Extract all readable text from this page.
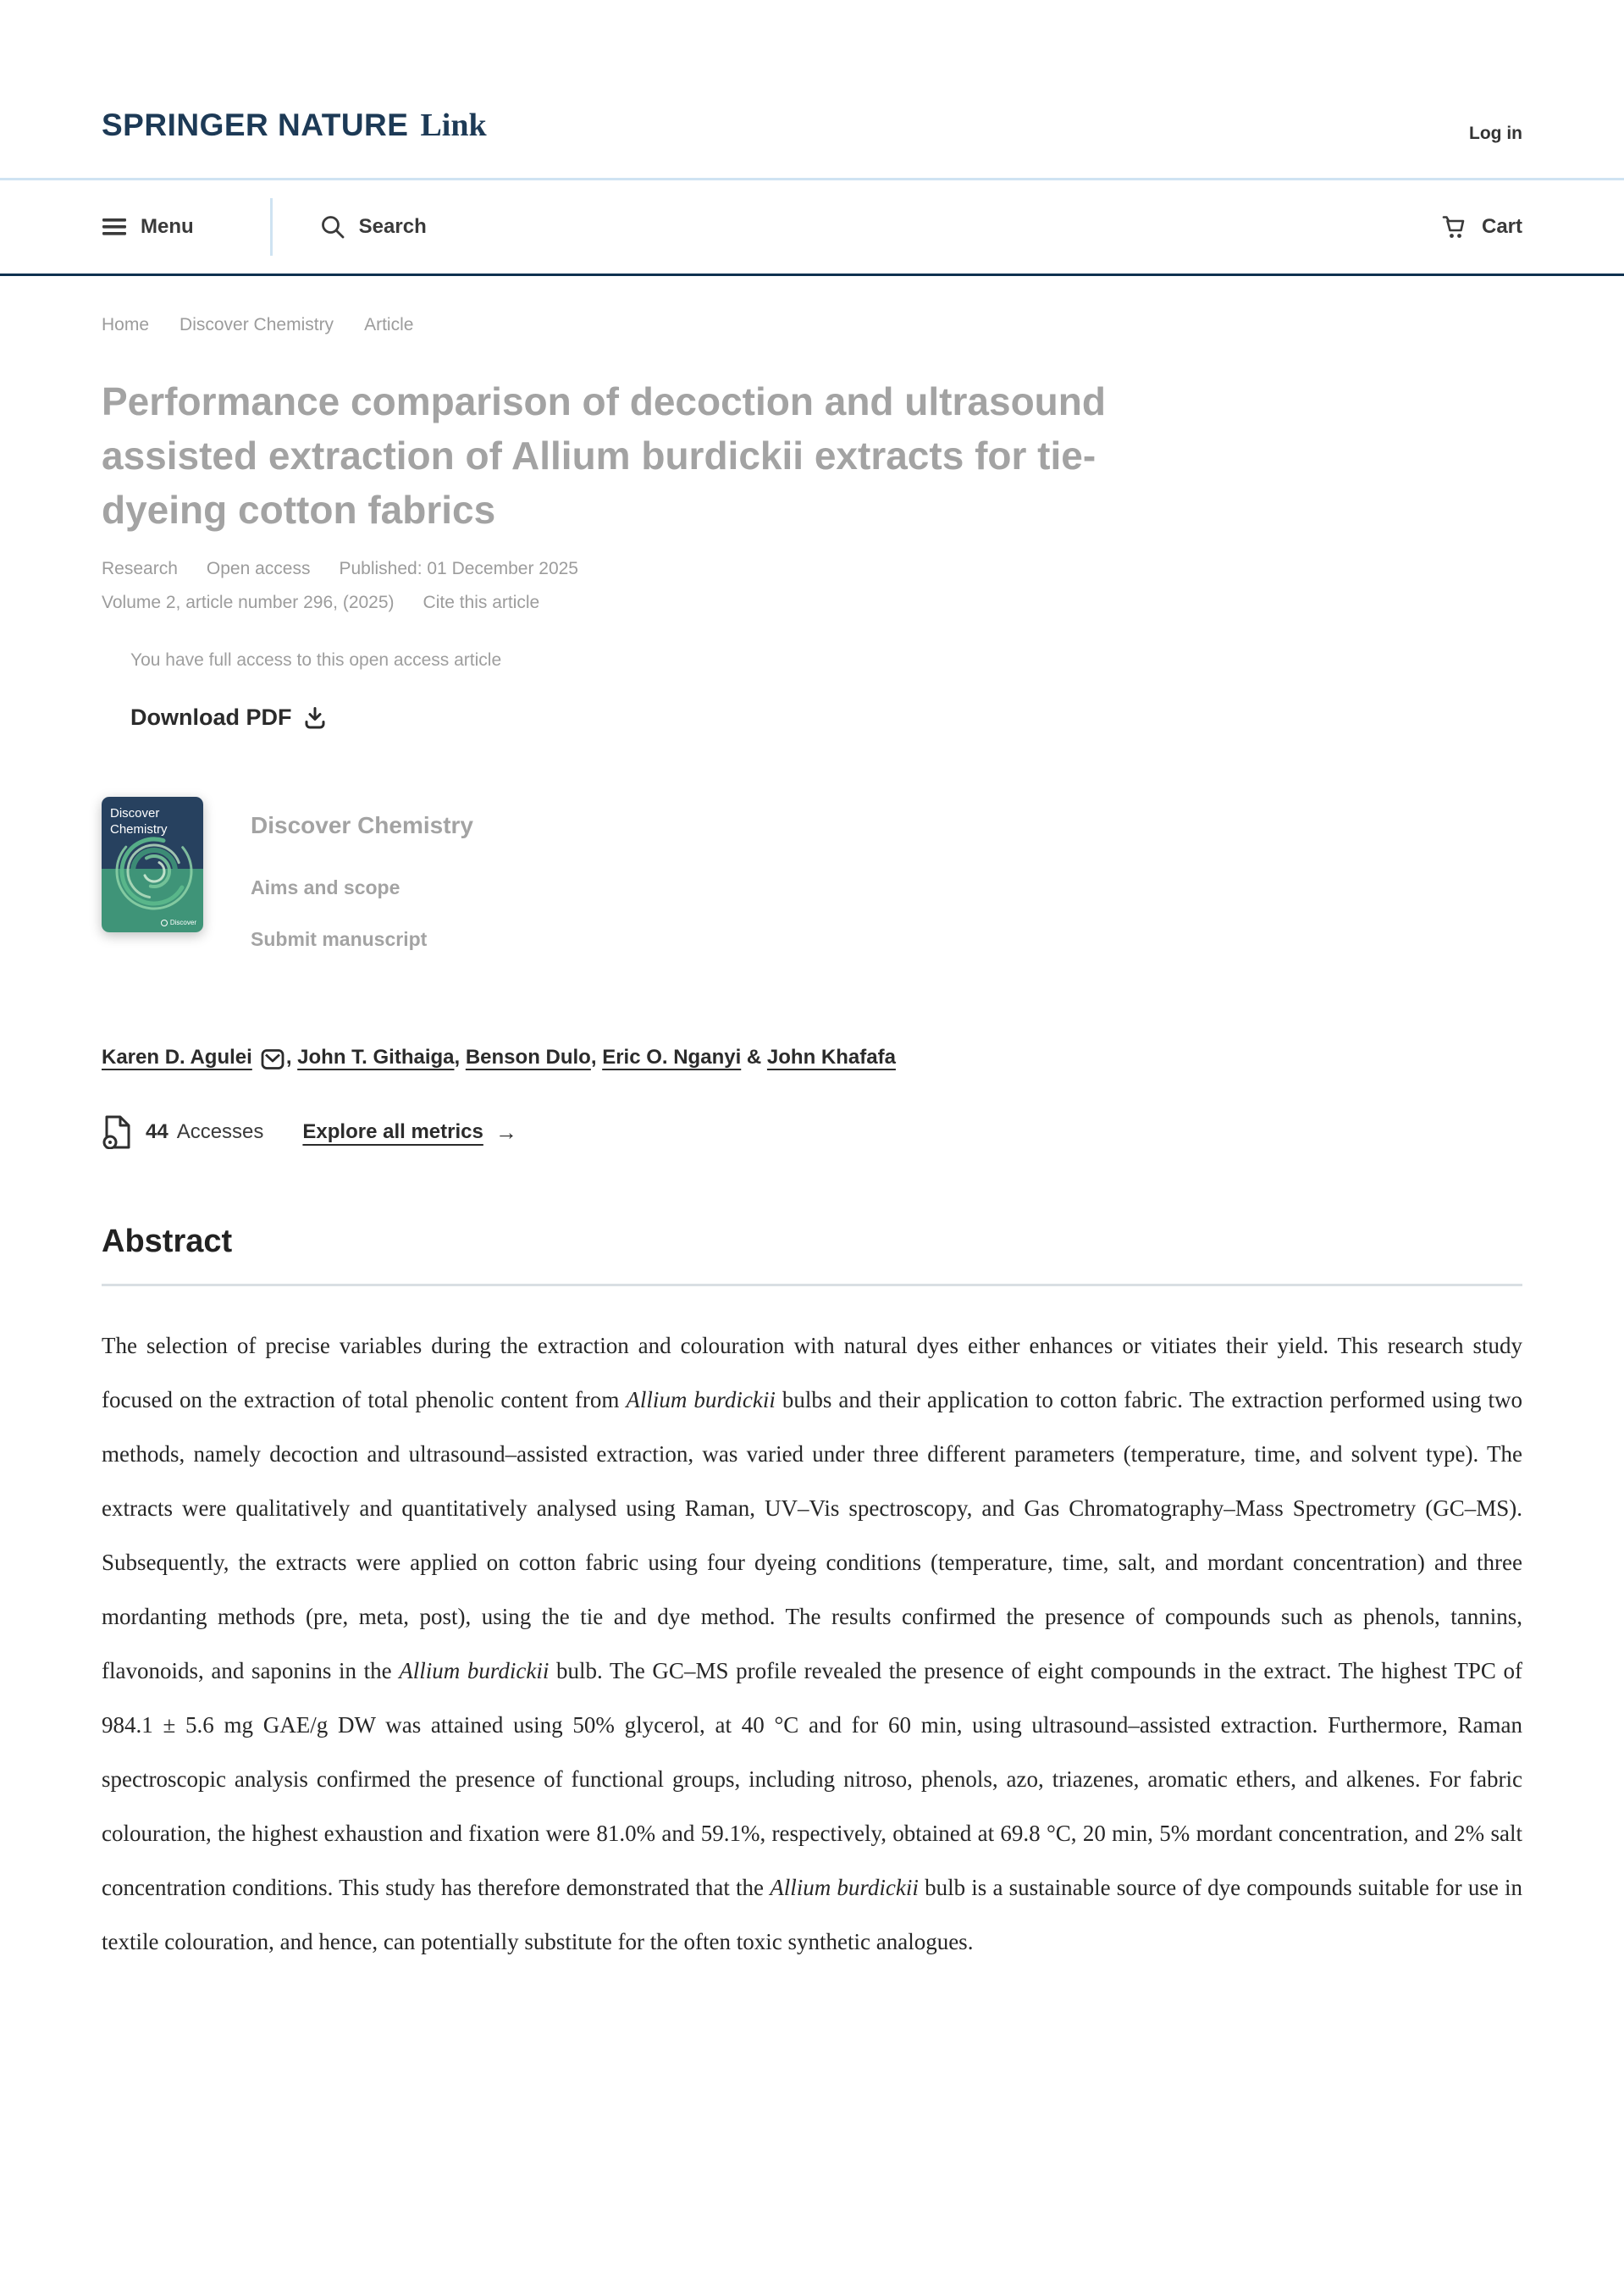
SPRINGER NATURE Link	Log in
Menu	Search	Cart
Home Discover Chemistry Article
Performance comparison of decoction and ultrasound
assisted extraction of Allium burdickii extracts for tie-
dyeing cotton fabrics
Research Open access Published: 01 December 2025
Volume 2, article number 296, (2025) Cite this article

You have full access to this open access article

Download PDF
Discover
Chemistry
Discover
Discover Chemistry
Aims and scope
Submit manuscript

Karen D. Agulei , John T. Githaiga , Benson Dulo , Eric O. Nganyi & John Khafafa

44 Accesses Explore all metrics →
Abstract

The selection of precise variables during the extraction and colouration with natural dyes either enhances or vitiates their yield. This research study focused on the extraction of total phenolic content from Allium burdickii bulbs and their application to cotton fabric. The extraction performed using two methods, namely decoction and ultrasound–assisted extraction, was varied under three different parameters (temperature, time, and solvent type). The extracts were qualitatively and quantitatively analysed using Raman, UV–Vis spectroscopy, and Gas Chromatography–Mass Spectrometry (GC–MS). Subsequently, the extracts were applied on cotton fabric using four dyeing conditions (temperature, time, salt, and mordant concentration) and three mordanting methods (pre, meta, post), using the tie and dye method. The results confirmed the presence of compounds such as phenols, tannins, flavonoids, and saponins in the Allium burdickii bulb. The GC–MS profile revealed the presence of eight compounds in the extract. The highest TPC of 984.1 ± 5.6 mg GAE/g DW was attained using 50% glycerol, at 40 °C and for 60 min, using ultrasound–assisted extraction. Furthermore, Raman spectroscopic analysis confirmed the presence of functional groups, including nitroso, phenols, azo, triazenes, aromatic ethers, and alkenes. For fabric colouration, the highest exhaustion and fixation were 81.0% and 59.1%, respectively, obtained at 69.8 °C, 20 min, 5% mordant concentration, and 2% salt concentration conditions. This study has therefore demonstrated that the Allium burdickii bulb is a sustainable source of dye compounds suitable for use in textile colouration, and hence, can potentially substitute for the often toxic synthetic analogues.
